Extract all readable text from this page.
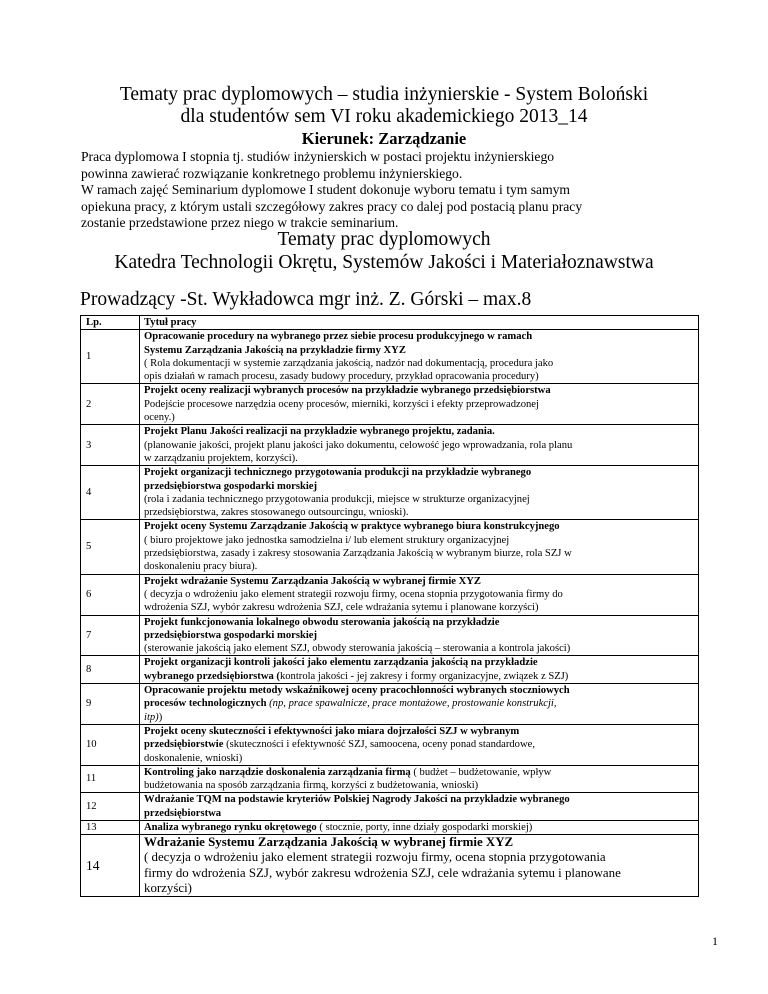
Tematy prac dyplomowych – studia inżynierskie - System Boloński
dla studentów sem VI roku akademickiego 2013_14
Kierunek: Zarządzanie
Praca dyplomowa I stopnia tj. studiów inżynierskich w postaci projektu inżynierskiego
powinna zawierać rozwiązanie konkretnego problemu inżynierskiego.
W ramach zajęć Seminarium dyplomowe I student dokonuje wyboru tematu i tym samym
opiekuna pracy, z którym ustali szczegółowy zakres pracy co dalej pod postacią planu pracy
zostanie przedstawione przez niego w trakcie seminarium.
Tematy prac dyplomowych
Katedra Technologii Okrętu, Systemów Jakości i Materiałoznawstwa
Prowadzący -St. Wykładowca mgr inż. Z. Górski – max.8
Lp.	Tytuł pracy
1	Opracowanie procedury na wybranego przez siebie procesu produkcyjnego w ramach
Systemu Zarządzania Jakością na przykładzie firmy XYZ
( Rola dokumentacji w systemie zarządzania jakością, nadzór nad dokumentacją, procedura jako
opis działań w ramach procesu, zasady budowy procedury, przykład opracowania procedury)

2	Projekt oceny realizacji wybranych procesów na przykładzie wybranego przedsiębiorstwa
Podejście procesowe narzędzia oceny procesów, mierniki, korzyści i efekty przeprowadzonej
oceny.)

3	Projekt Planu Jakości realizacji na przykładzie wybranego projektu, zadania.
(planowanie jakości, projekt planu jakości jako dokumentu, celowość jego wprowadzania, rola planu
w zarządzaniu projektem, korzyści).

4	Projekt organizacji technicznego przygotowania produkcji na przykładzie wybranego
przedsiębiorstwa gospodarki morskiej
(rola i zadania technicznego przygotowania produkcji, miejsce w strukturze organizacyjnej
przedsiębiorstwa, zakres stosowanego outsourcingu, wnioski).

5	Projekt oceny Systemu Zarządzanie Jakością w praktyce wybranego biura konstrukcyjnego
( biuro projektowe jako jednostka samodzielna i/ lub element struktury organizacyjnej
przedsiębiorstwa, zasady i zakresy stosowania Zarządzania Jakością w wybranym biurze, rola SZJ w
doskonaleniu pracy biura).

6	Projekt wdrażanie Systemu Zarządzania Jakością w wybranej firmie XYZ
( decyzja o wdrożeniu jako element strategii rozwoju firmy, ocena stopnia przygotowania firmy do
wdrożenia SZJ, wybór zakresu wdrożenia SZJ, cele wdrażania sytemu i planowane korzyści)

7	Projekt funkcjonowania lokalnego obwodu sterowania jakością na przykładzie
przedsiębiorstwa gospodarki morskiej
(sterowanie jakością jako element SZJ, obwody sterowania jakością – sterowania a kontrola jakości)

8	Projekt organizacji kontroli jakości jako elementu zarządzania jakością na przykładzie
wybranego przedsiębiorstwa (kontrola jakości - jej zakresy i formy organizacyjne, związek z SZJ)

9	Opracowanie projektu metody wskaźnikowej oceny pracochłonności wybranych stoczniowych
procesów technologicznych (np, prace spawalnicze, prace montażowe, prostowanie konstrukcji,
itp))

10	Projekt oceny skuteczności i efektywności jako miara dojrzałości SZJ w wybranym
przedsiębiorstwie (skuteczności i efektywność SZJ, samoocena, oceny ponad standardowe,
doskonalenie, wnioski)

11	Kontroling jako narządzie doskonalenia zarządzania firmą ( budżet – budżetowanie, wpływ
budżetowania na sposób zarządzania firmą, korzyści z budżetowania, wnioski)

12	Wdrażanie TQM na podstawie kryteriów Polskiej Nagrody Jakości na przykładzie wybranego
przedsiębiorstwa

13	Analiza wybranego rynku okrętowego ( stocznie, porty, inne działy gospodarki morskiej)

14	Wdrażanie Systemu Zarządzania Jakością w wybranej firmie XYZ
( decyzja o wdrożeniu jako element strategii rozwoju firmy, ocena stopnia przygotowania
firmy do wdrożenia SZJ, wybór zakresu wdrożenia SZJ, cele wdrażania sytemu i planowane
korzyści)
1
